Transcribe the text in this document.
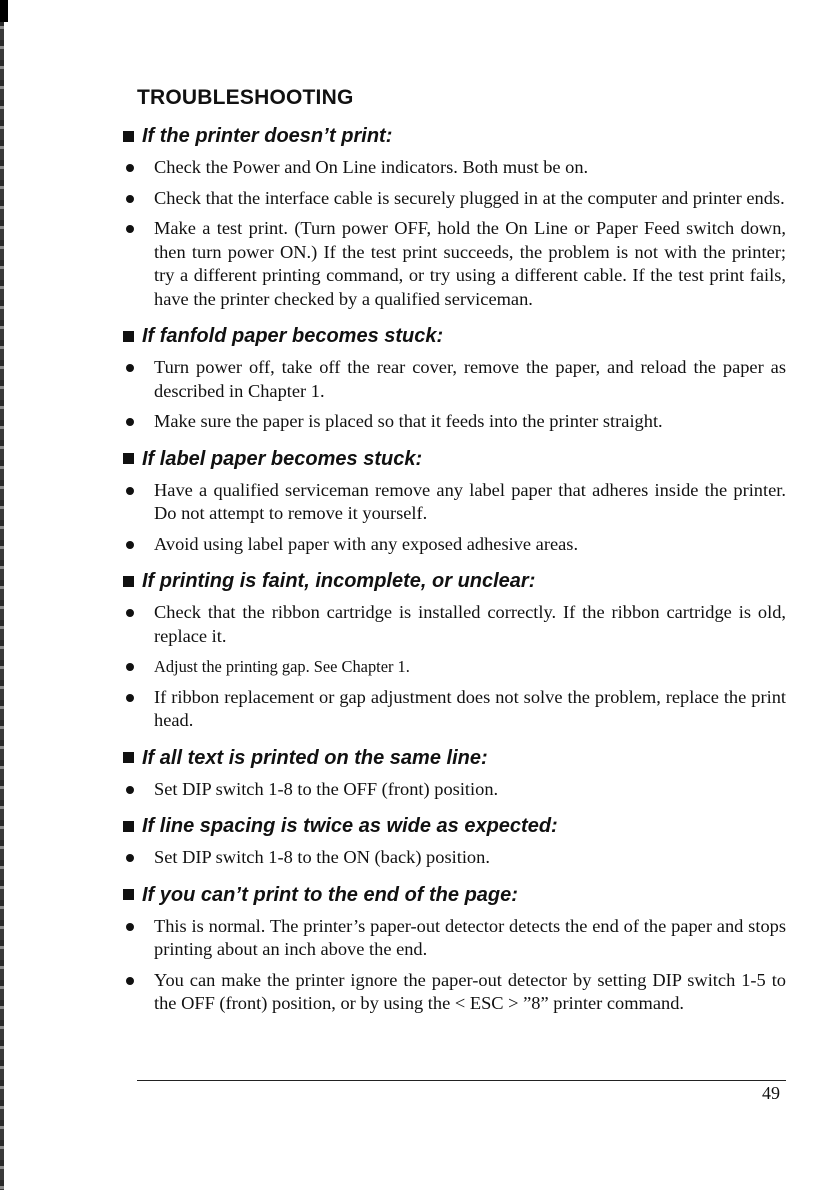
TROUBLESHOOTING
If the printer doesn’t print:
Check the Power and On Line indicators. Both must be on.
Check that the interface cable is securely plugged in at the computer and printer ends.
Make a test print. (Turn power OFF, hold the On Line or Paper Feed switch down, then turn power ON.) If the test print succeeds, the problem is not with the printer; try a different printing command, or try using a different cable. If the test print fails, have the printer checked by a qualified serviceman.
If fanfold paper becomes stuck:
Turn power off, take off the rear cover, remove the paper, and reload the paper as described in Chapter 1.
Make sure the paper is placed so that it feeds into the printer straight.
If label paper becomes stuck:
Have a qualified serviceman remove any label paper that adheres inside the printer. Do not attempt to remove it yourself.
Avoid using label paper with any exposed adhesive areas.
If printing is faint, incomplete, or unclear:
Check that the ribbon cartridge is installed correctly. If the ribbon cartridge is old, replace it.
Adjust the printing gap. See Chapter 1.
If ribbon replacement or gap adjustment does not solve the problem, replace the print head.
If all text is printed on the same line:
Set DIP switch 1-8 to the OFF (front) position.
If line spacing is twice as wide as expected:
Set DIP switch 1-8 to the ON (back) position.
If you can’t print to the end of the page:
This is normal. The printer’s paper-out detector detects the end of the paper and stops printing about an inch above the end.
You can make the printer ignore the paper-out detector by setting DIP switch 1-5 to the OFF (front) position, or by using the < ESC > ”8” printer command.
49
